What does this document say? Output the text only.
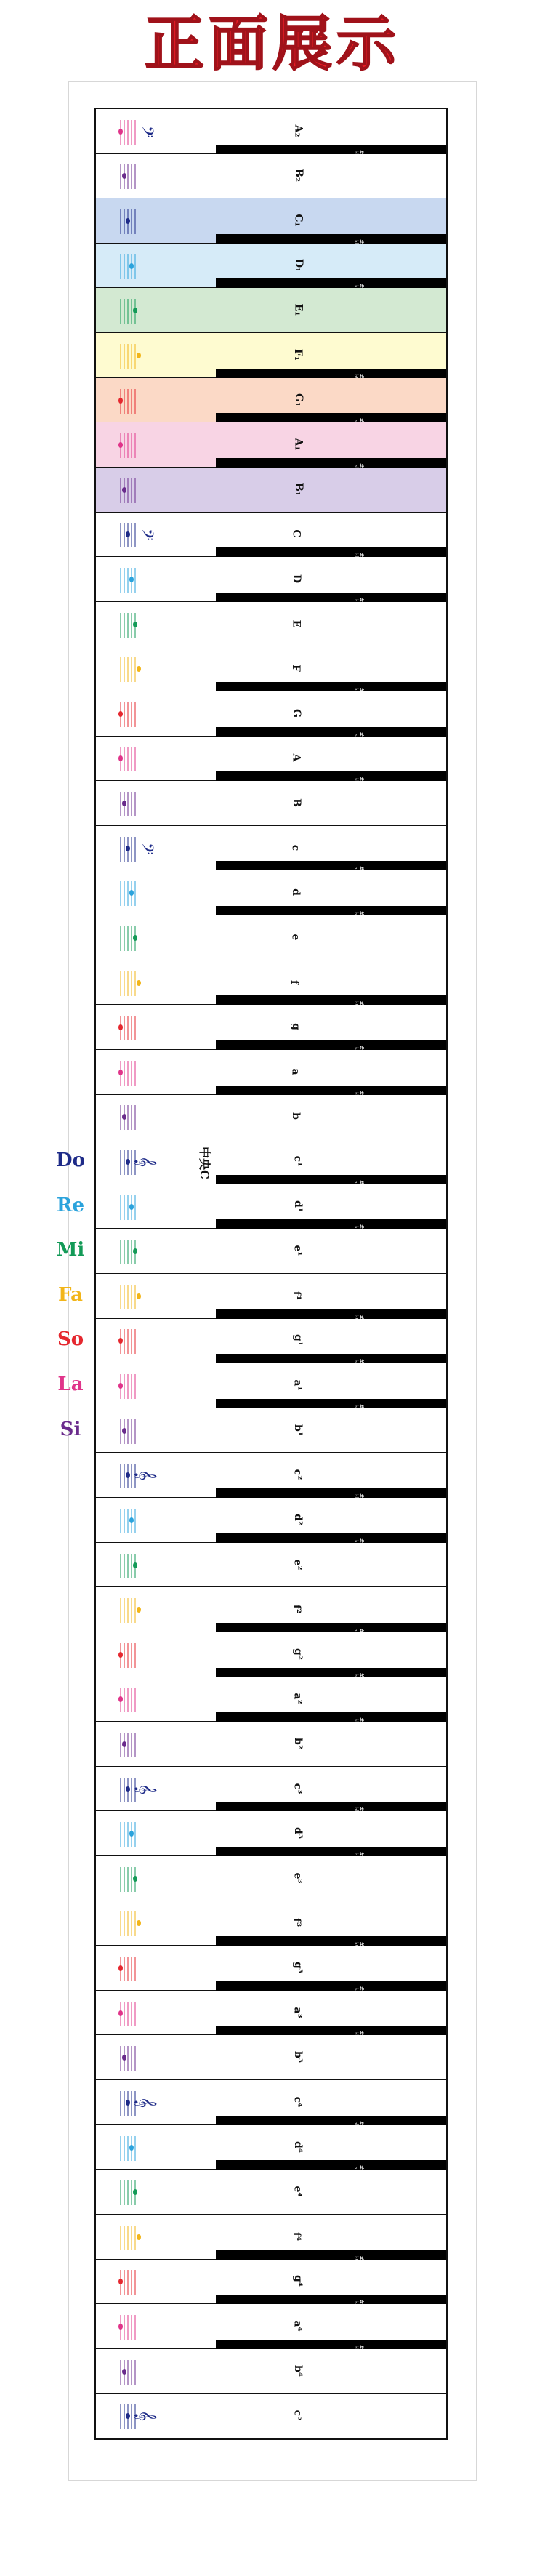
正面展示
𝄢	A₂
B₂
C₁
D₁
E₁
F₁
G₁
A₁
B₁
𝄢	C
D
E
F
G
A
B
𝄢	c
d
e
f
g
a
b
𝄞	c¹
Do	中央C
d¹
Re
e¹
Mi
f¹
Fa
g¹
So
a¹
La
b¹
Si
𝄞	c²
d²
e²
f²
g²
a²
b²
𝄞	c³
d³
e³
f³
g³
a³
b³
𝄞	c⁴
d⁴
e⁴
f⁴
g⁴
a⁴
b⁴
𝄞	c⁵
